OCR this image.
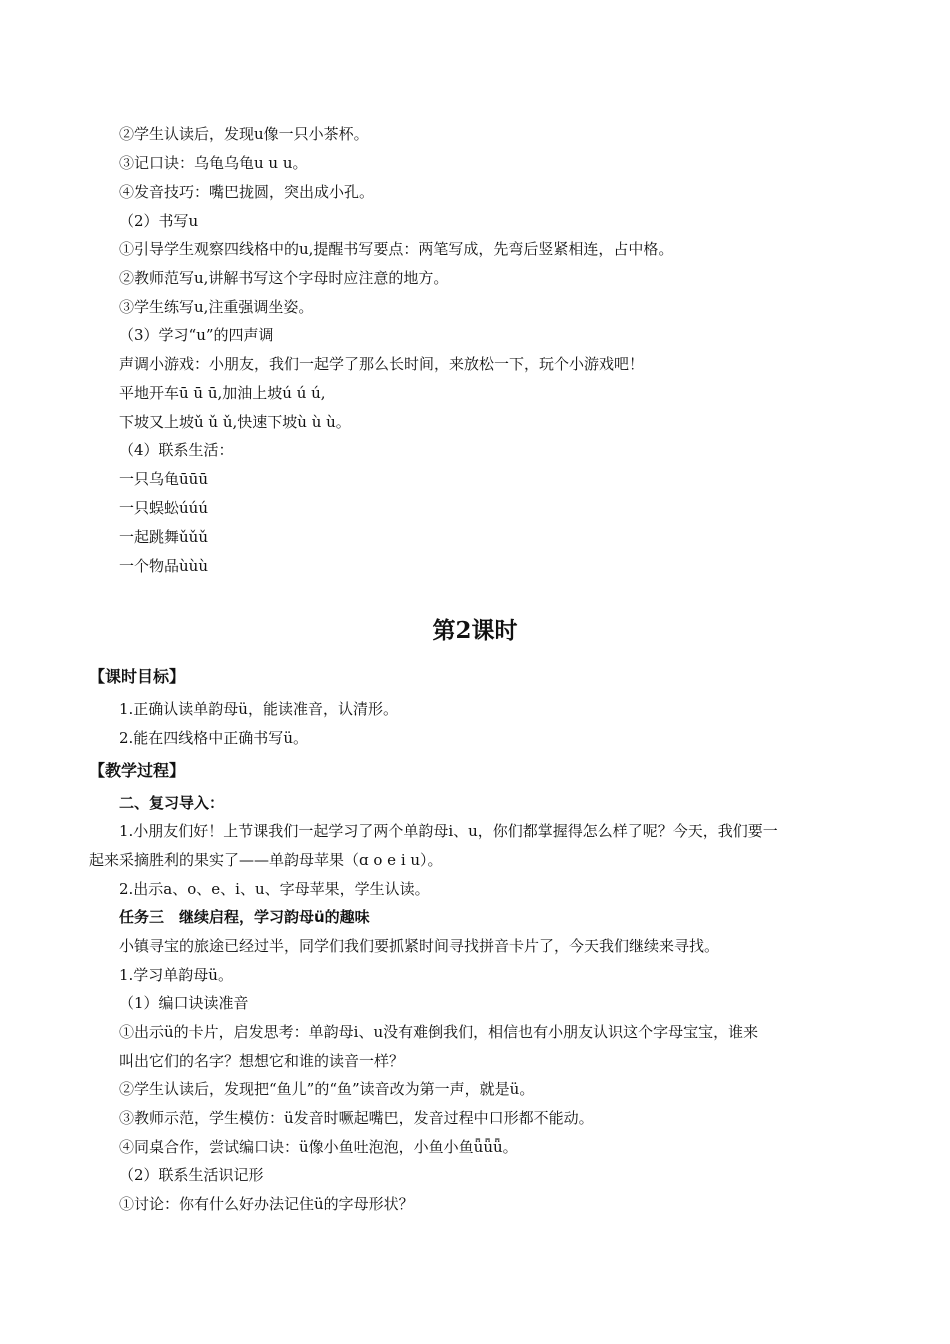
②学生认读后，发现u像一只小茶杯。
③记口诀：乌龟乌龟u u u。
④发音技巧：嘴巴拢圆，突出成小孔。
（2）书写u
①引导学生观察四线格中的u,提醒书写要点：两笔写成，先弯后竖紧相连，占中格。
②教师范写u,讲解书写这个字母时应注意的地方。
③学生练写u,注重强调坐姿。
（3）学习“u”的四声调
声调小游戏：小朋友，我们一起学了那么长时间，来放松一下，玩个小游戏吧！
平地开车ū ū ū,加油上坡ú ú ú,
下坡又上坡ǔ ǔ ǔ,快速下坡ù ù ù。
（4）联系生活：
一只乌龟ūūū
一只蜈蚣úúú
一起跳舞ǔǔǔ
一个物品ùùù
第2课时
【课时目标】
1.正确认读单韵母ü，能读准音，认清形。
2.能在四线格中正确书写ü。
【教学过程】
二、复习导入：
1.小朋友们好！上节课我们一起学习了两个单韵母i、u，你们都掌握得怎么样了呢？今天，我们要一
起来采摘胜利的果实了——单韵母苹果（ɑ o e i u）。
2.出示a、o、e、i、u、字母苹果，学生认读。
任务三　继续启程，学习韵母ü的趣味
小镇寻宝的旅途已经过半，同学们我们要抓紧时间寻找拼音卡片了，今天我们继续来寻找。
1.学习单韵母ü。
（1）编口诀读准音
①出示ü的卡片，启发思考：单韵母i、u没有难倒我们，相信也有小朋友认识这个字母宝宝，谁来
叫出它们的名字？想想它和谁的读音一样？
②学生认读后，发现把“鱼儿”的“鱼”读音改为第一声，就是ü。
③教师示范，学生模仿：ü发音时噘起嘴巴，发音过程中口形都不能动。
④同桌合作，尝试编口诀：ü像小鱼吐泡泡，小鱼小鱼ǖǖǖ。
（2）联系生活识记形
①讨论：你有什么好办法记住ü的字母形状？
